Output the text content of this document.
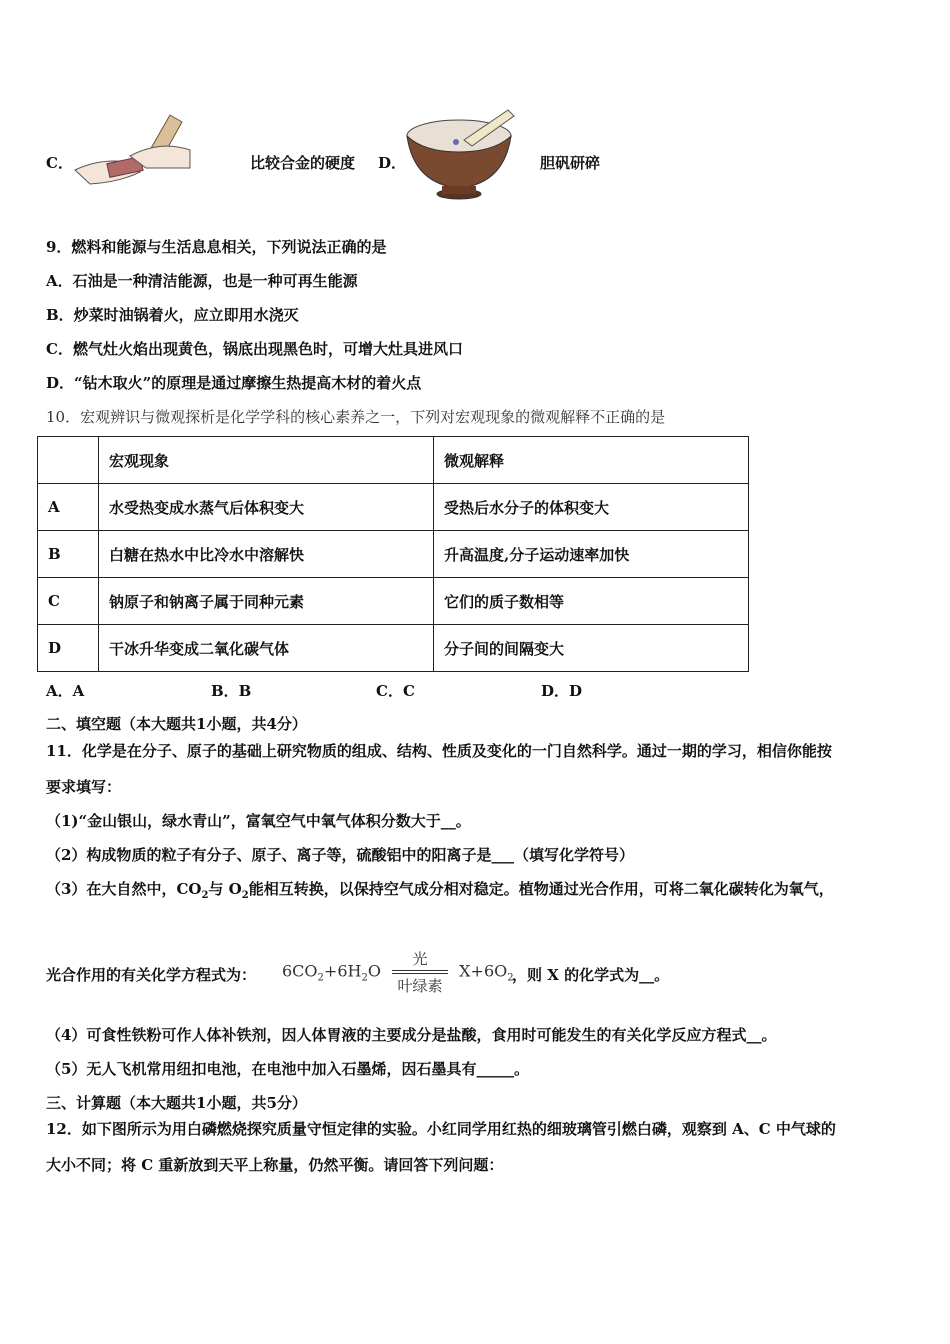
C．	比较合金的硬度 D．	胆矾研碎
9．燃料和能源与生活息息相关，下列说法正确的是
A．石油是一种清洁能源，也是一种可再生能源
B．炒菜时油锅着火，应立即用水浇灭
C．燃气灶火焰出现黄色，锅底出现黑色时，可增大灶具进风口
D．“钻木取火”的原理是通过摩擦生热提高木材的着火点
10．宏观辨识与微观探析是化学学科的核心素养之一，下列对宏观现象的微观解释不正确的是
	宏观现象	微观解释
A	水受热变成水蒸气后体积变大	受热后水分子的体积变大
B	白糖在热水中比冷水中溶解快	升高温度,分子运动速率加快
C	钠原子和钠离子属于同种元素	它们的质子数相等
D	干冰升华变成二氧化碳气体	分子间的间隔变大
A．A	B．B	C．C	D．D
二、填空题（本大题共1小题，共4分）
11．化学是在分子、原子的基础上研究物质的组成、结构、性质及变化的一门自然科学。通过一期的学习，相信你能按
要求填写：
（1)“金山银山，绿水青山”，富氧空气中氧气体积分数大于__。
（2）构成物质的粒子有分子、原子、离子等，硫酸铝中的阳离子是___（填写化学符号）
（3）在大自然中，$CO_2$与 $O_2$能相互转换，以保持空气成分相对稳定。植物通过光合作用，可将二氧化碳转化为氧气，
光合作用的有关化学方程式为： $6CO_2+6H_2O \frac{\text{光}}{\text{叶绿素}} X+6O_2$
，则 X 的化学式为__。
（4）可食性铁粉可作人体补铁剂，因人体胃液的主要成分是盐酸，食用时可能发生的有关化学反应方程式__。
（5）无人飞机常用纽扣电池，在电池中加入石墨烯，因石墨具有_____。
三、计算题（本大题共1小题，共5分）
12．如下图所示为用白磷燃烧探究质量守恒定律的实验。小红同学用红热的细玻璃管引燃白磷，观察到 A、C 中气球的
大小不同；将 C 重新放到天平上称量，仍然平衡。请回答下列问题：
